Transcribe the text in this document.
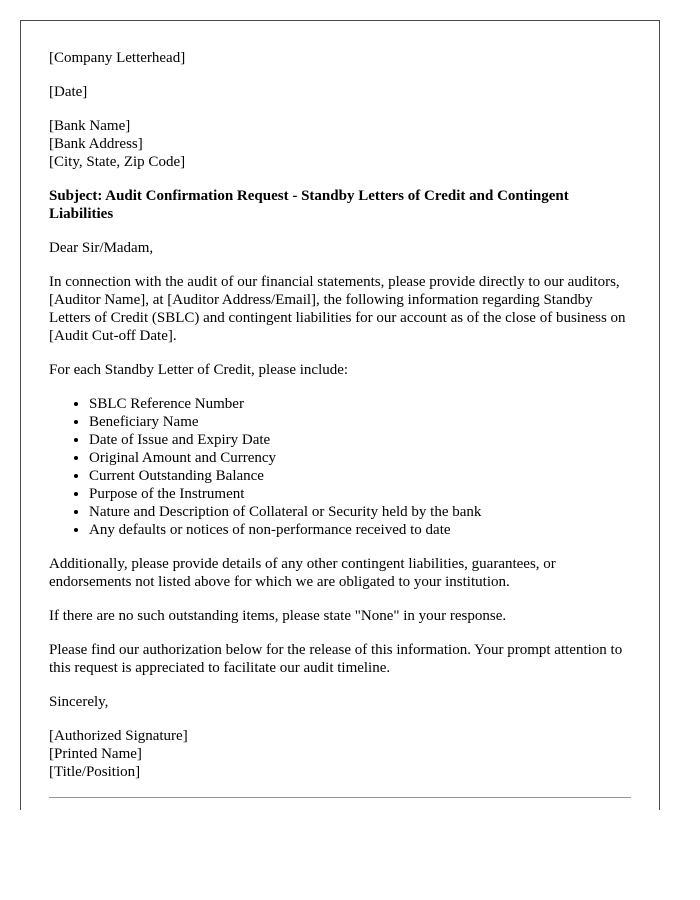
[Company Letterhead]

[Date]

[Bank Name]
[Bank Address]
[City, State, Zip Code]

Subject: Audit Confirmation Request - Standby Letters of Credit and Contingent Liabilities

Dear Sir/Madam,

In connection with the audit of our financial statements, please provide directly to our auditors, [Auditor Name], at [Auditor Address/Email], the following information regarding Standby Letters of Credit (SBLC) and contingent liabilities for our account as of the close of business on [Audit Cut-off Date].

For each Standby Letter of Credit, please include:

• SBLC Reference Number
• Beneficiary Name
• Date of Issue and Expiry Date
• Original Amount and Currency
• Current Outstanding Balance
• Purpose of the Instrument
• Nature and Description of Collateral or Security held by the bank
• Any defaults or notices of non-performance received to date

Additionally, please provide details of any other contingent liabilities, guarantees, or endorsements not listed above for which we are obligated to your institution.

If there are no such outstanding items, please state "None" in your response.

Please find our authorization below for the release of this information. Your prompt attention to this request is appreciated to facilitate our audit timeline.

Sincerely,

[Authorized Signature]
[Printed Name]
[Title/Position]
